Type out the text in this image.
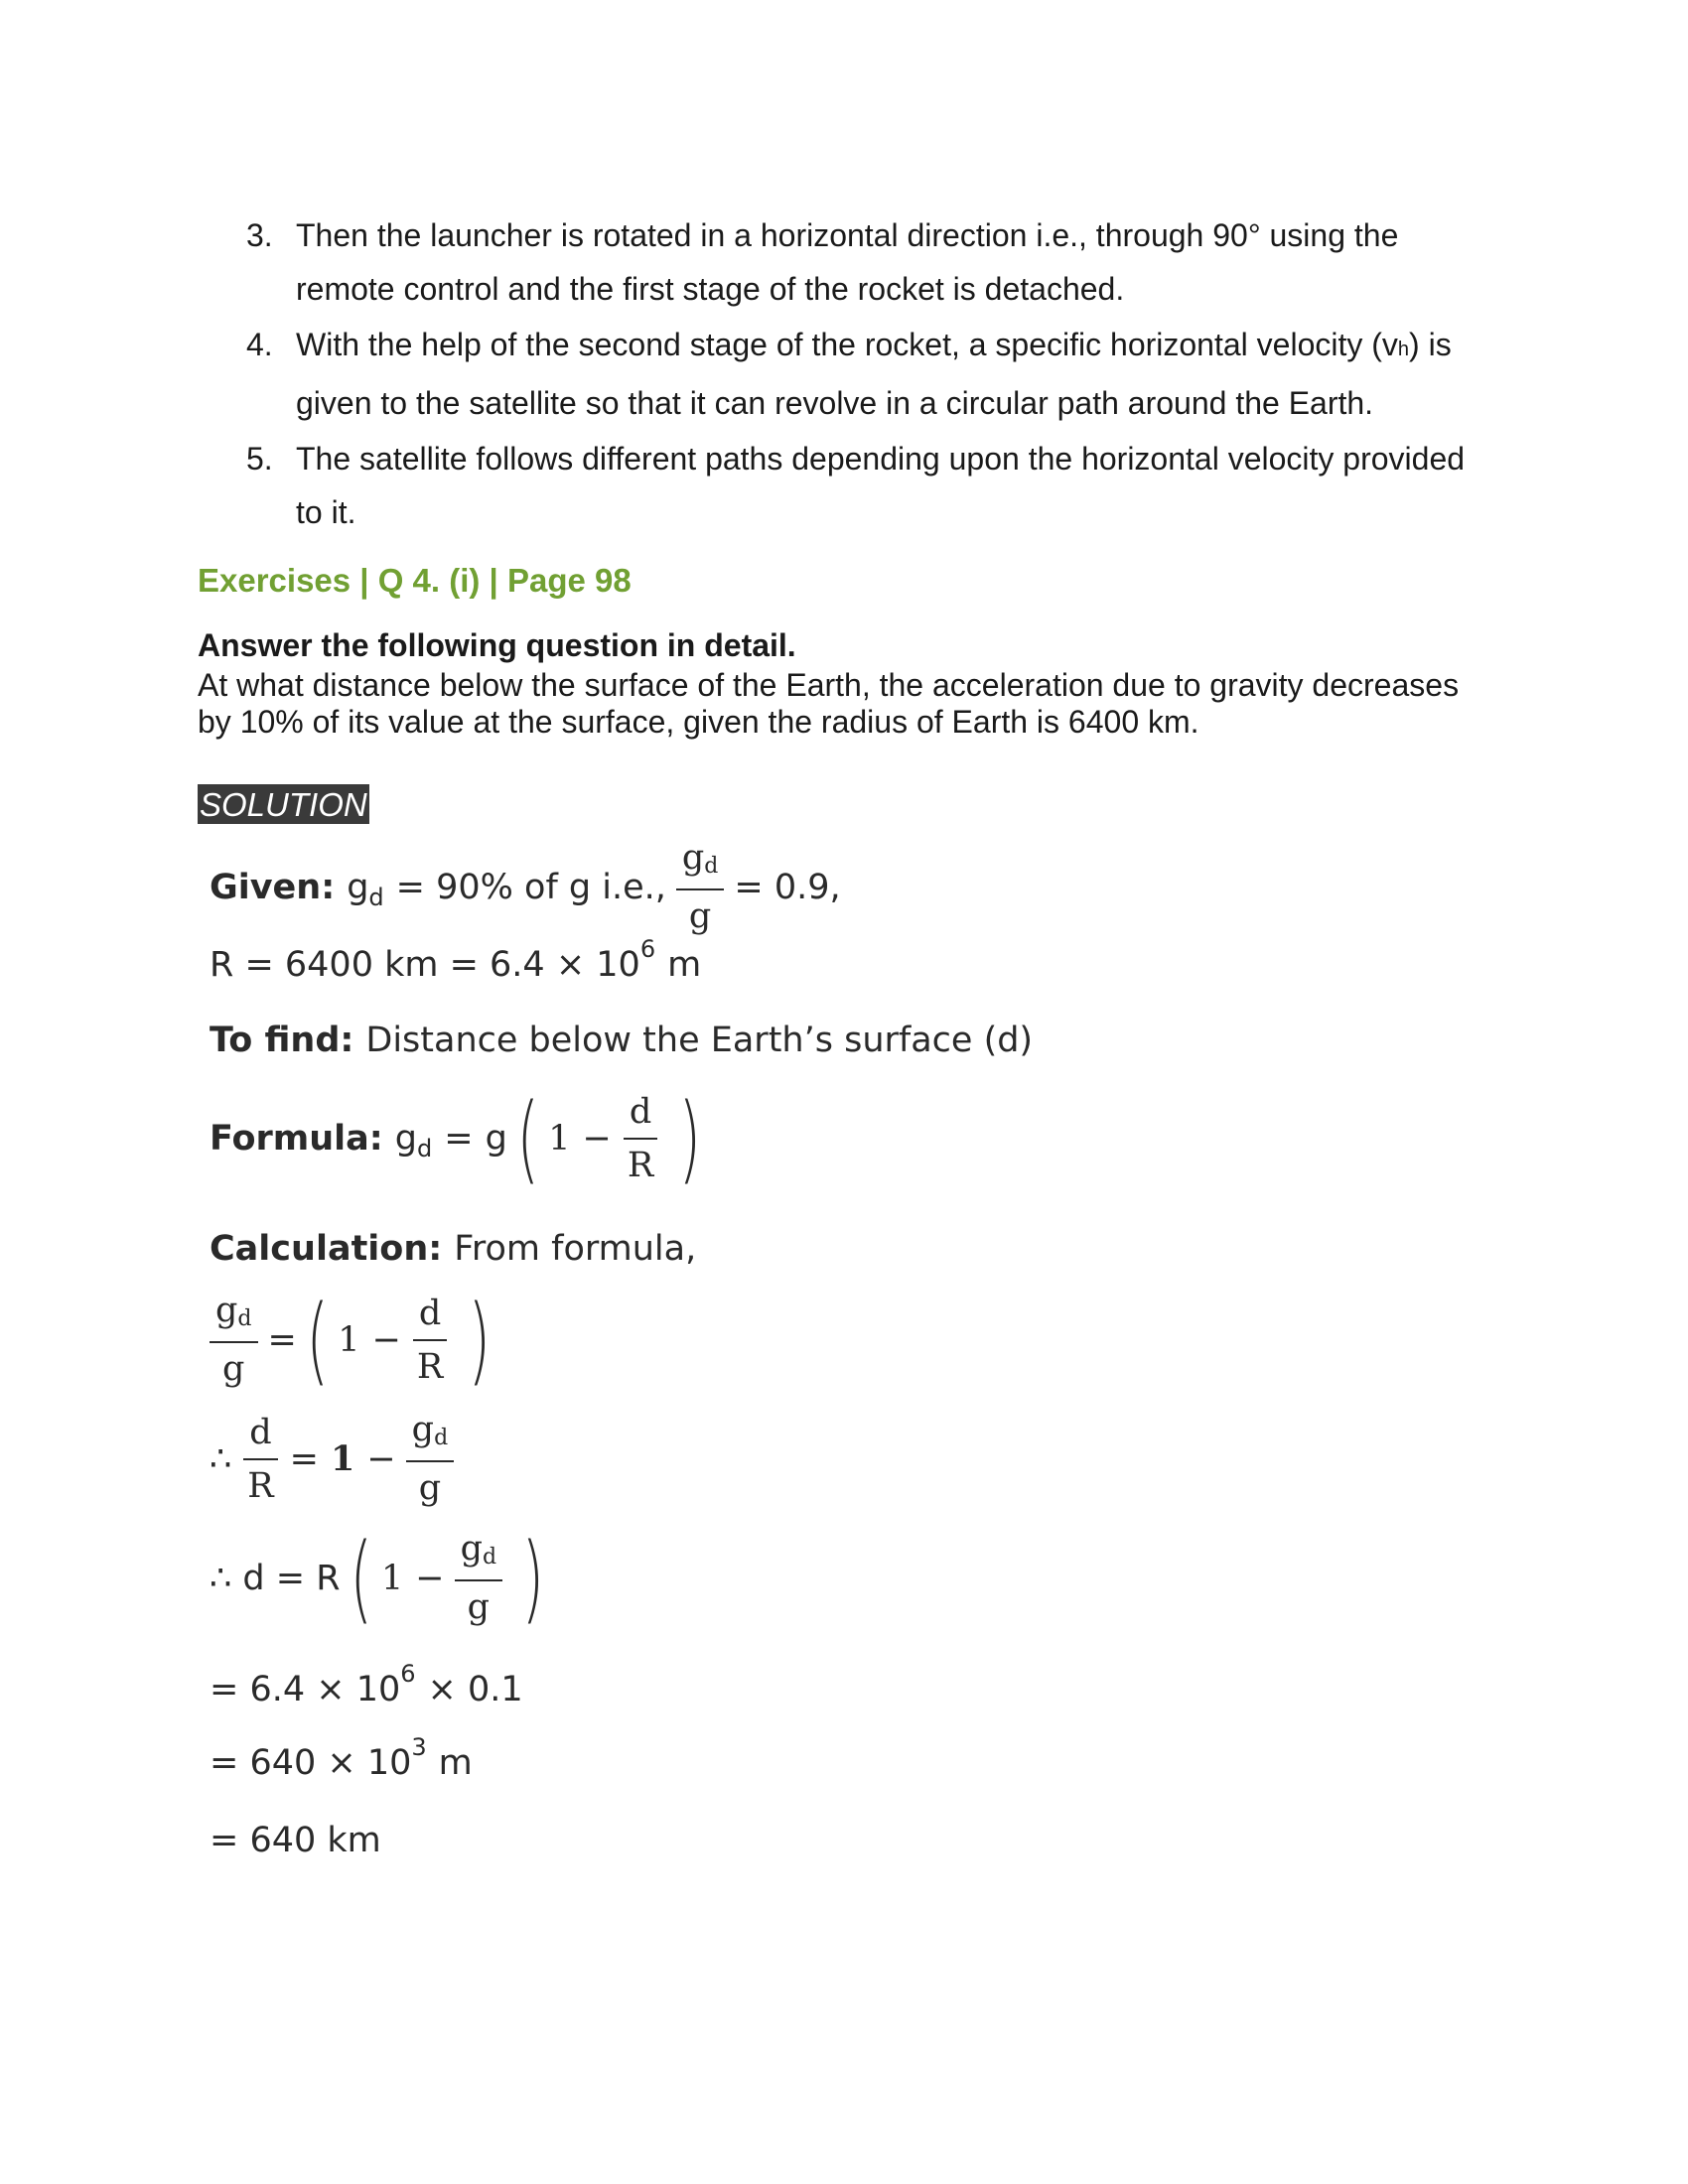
3. Then the launcher is rotated in a horizontal direction i.e., through 90° using the remote control and the first stage of the rocket is detached.
4. With the help of the second stage of the rocket, a specific horizontal velocity (vh) is given to the satellite so that it can revolve in a circular path around the Earth.
5. The satellite follows different paths depending upon the horizontal velocity provided to it.
Exercises | Q 4. (i) | Page 98
Answer the following question in detail.
At what distance below the surface of the Earth, the acceleration due to gravity decreases by 10% of its value at the surface, given the radius of Earth is 6400 km.
SOLUTION
Given: g d = 90% of g i.e., $\frac{gd}{g} = 0.9$,
R = 6400 km = 6.4 × 10 6 m
To find: Distance below the Earth’s surface (d)
Formula: g d = g ( $1 - \frac{d}{R}$ )
Calculation: From formula,
$\frac{gd}{g}$ = ( $1 - \frac{d}{R}$ )
∴ $\frac{d}{R} = 1 - \frac{gd}{g}$
∴ d = R ( $1 - \frac{gd}{g}$ )
= 6.4 × 10 6 × 0.1
= 640 × 10 3 m
= 640 km
